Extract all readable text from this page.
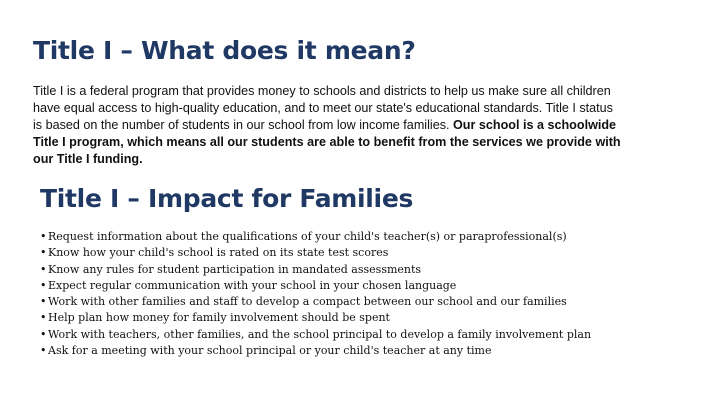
Title I – What does it mean?
Title I is a federal program that provides money to schools and districts to help us make sure all children have equal access to high-quality education, and to meet our state's educational standards. Title I status is based on the number of students in our school from low income families. Our school is a schoolwide Title I program, which means all our students are able to benefit from the services we provide with our Title I funding.
Title I – Impact for Families
• Request information about the qualifications of your child's teacher(s) or paraprofessional(s)
• Know how your child's school is rated on its state test scores
• Know any rules for student participation in mandated assessments
• Expect regular communication with your school in your chosen language
• Work with other families and staff to develop a compact between our school and our families
• Help plan how money for family involvement should be spent
• Work with teachers, other families, and the school principal to develop a family involvement plan
• Ask for a meeting with your school principal or your child's teacher at any time
